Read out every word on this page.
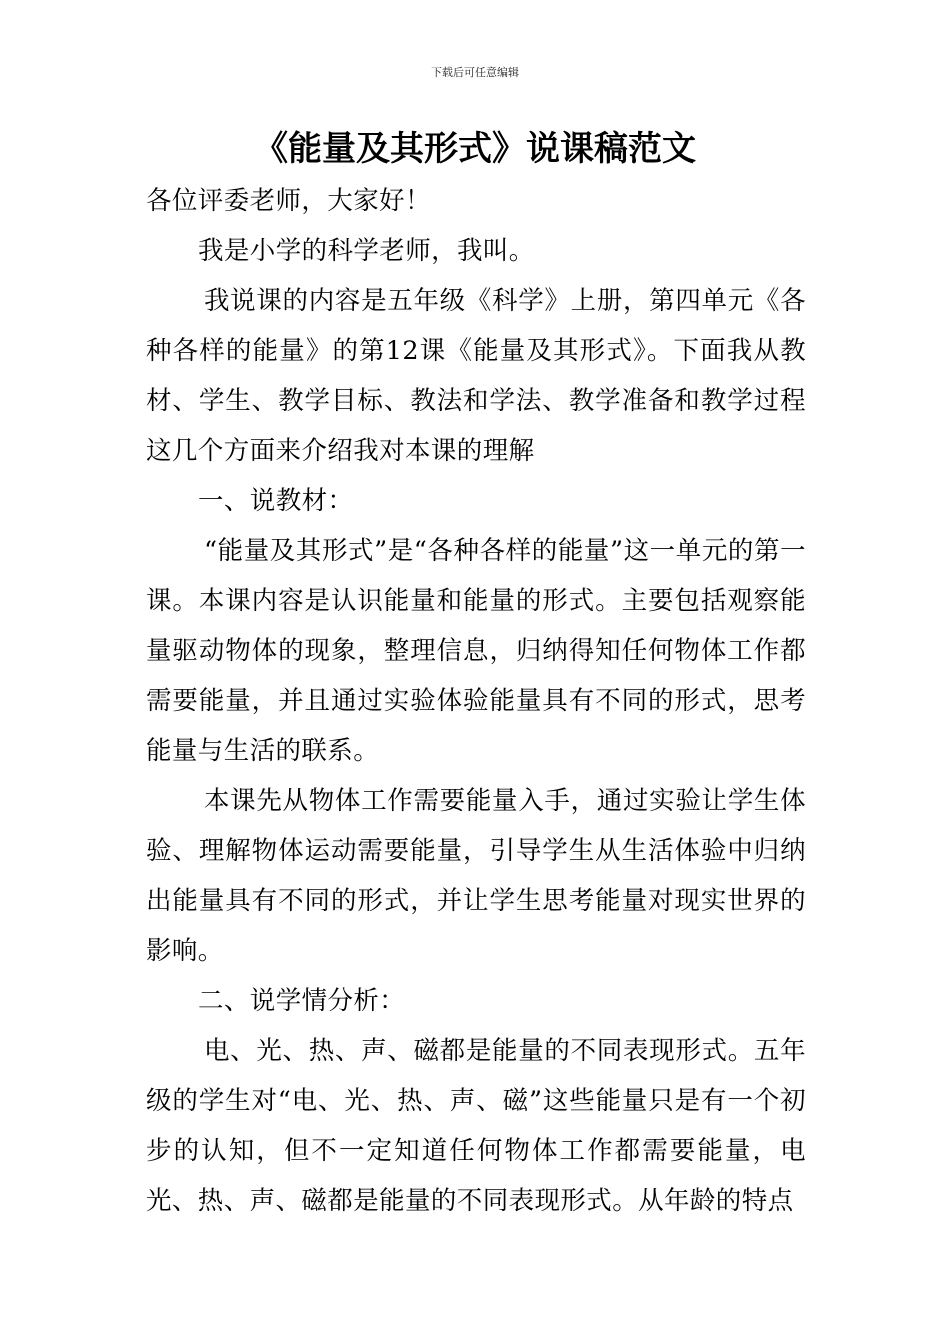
下载后可任意编辑
《能量及其形式》说课稿范文

各位评委老师，大家好！

我是小学的科学老师，我叫。

我说课的内容是五年级《科学》上册，第四单元《各种各样的能量》的第12课《能量及其形式》。下面我从教材、学生、教学目标、教法和学法、教学准备和教学过程这几个方面来介绍我对本课的理解

一、说教材：

“能量及其形式”是“各种各样的能量”这一单元的第一课。本课内容是认识能量和能量的形式。主要包括观察能量驱动物体的现象，整理信息，归纳得知任何物体工作都需要能量，并且通过实验体验能量具有不同的形式，思考能量与生活的联系。

本课先从物体工作需要能量入手，通过实验让学生体验、理解物体运动需要能量，引导学生从生活体验中归纳出能量具有不同的形式，并让学生思考能量对现实世界的影响。

二、说学情分析：

电、光、热、声、磁都是能量的不同表现形式。五年级的学生对“电、光、热、声、磁”这些能量只是有一个初步的认知，但不一定知道任何物体工作都需要能量，电光、热、声、磁都是能量的不同表现形式。从年龄的特点
